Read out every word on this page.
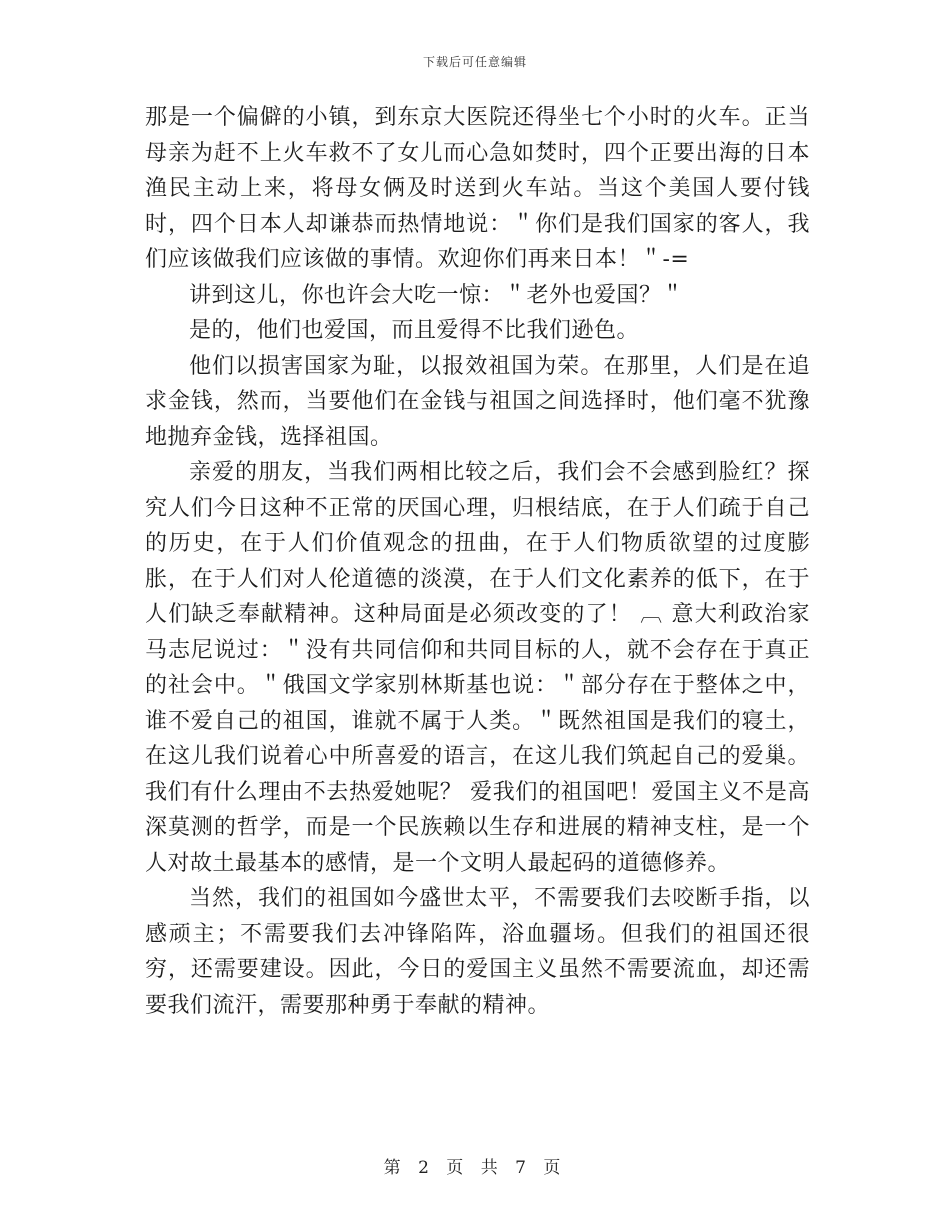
下载后可任意编辑

那是一个偏僻的小镇，到东京大医院还得坐七个小时的火车。正当母亲为赶不上火车救不了女儿而心急如焚时，四个正要出海的日本渔民主动上来，将母女俩及时送到火车站。当这个美国人要付钱时，四个日本人却谦恭而热情地说：＂你们是我们国家的客人，我们应该做我们应该做的事情。欢迎你们再来日本！＂-=

讲到这儿，你也许会大吃一惊：＂老外也爱国？＂

是的，他们也爱国，而且爱得不比我们逊色。

他们以损害国家为耻，以报效祖国为荣。在那里，人们是在追求金钱，然而，当要他们在金钱与祖国之间选择时，他们毫不犹豫地抛弃金钱，选择祖国。

亲爱的朋友，当我们两相比较之后，我们会不会感到脸红？探究人们今日这种不正常的厌国心理，归根结底，在于人们疏于自己的历史，在于人们价值观念的扭曲，在于人们物质欲望的过度膨胀，在于人们对人伦道德的淡漠，在于人们文化素养的低下，在于人们缺乏奉献精神。这种局面是必须改变的了！ ︹ 意大利政治家马志尼说过：＂没有共同信仰和共同目标的人，就不会存在于真正的社会中。＂俄国文学家别林斯基也说：＂部分存在于整体之中，谁不爱自己的祖国，谁就不属于人类。＂既然祖国是我们的寝土，在这儿我们说着心中所喜爱的语言，在这儿我们筑起自己的爱巢。我们有什么理由不去热爱她呢？ 爱我们的祖国吧！爱国主义不是高深莫测的哲学，而是一个民族赖以生存和进展的精神支柱，是一个人对故土最基本的感情，是一个文明人最起码的道德修养。

当然，我们的祖国如今盛世太平，不需要我们去咬断手指，以感顽主；不需要我们去冲锋陷阵，浴血疆场。但我们的祖国还很穷，还需要建设。因此，今日的爱国主义虽然不需要流血，却还需要我们流汗，需要那种勇于奉献的精神。

第 2 页 共 7 页
